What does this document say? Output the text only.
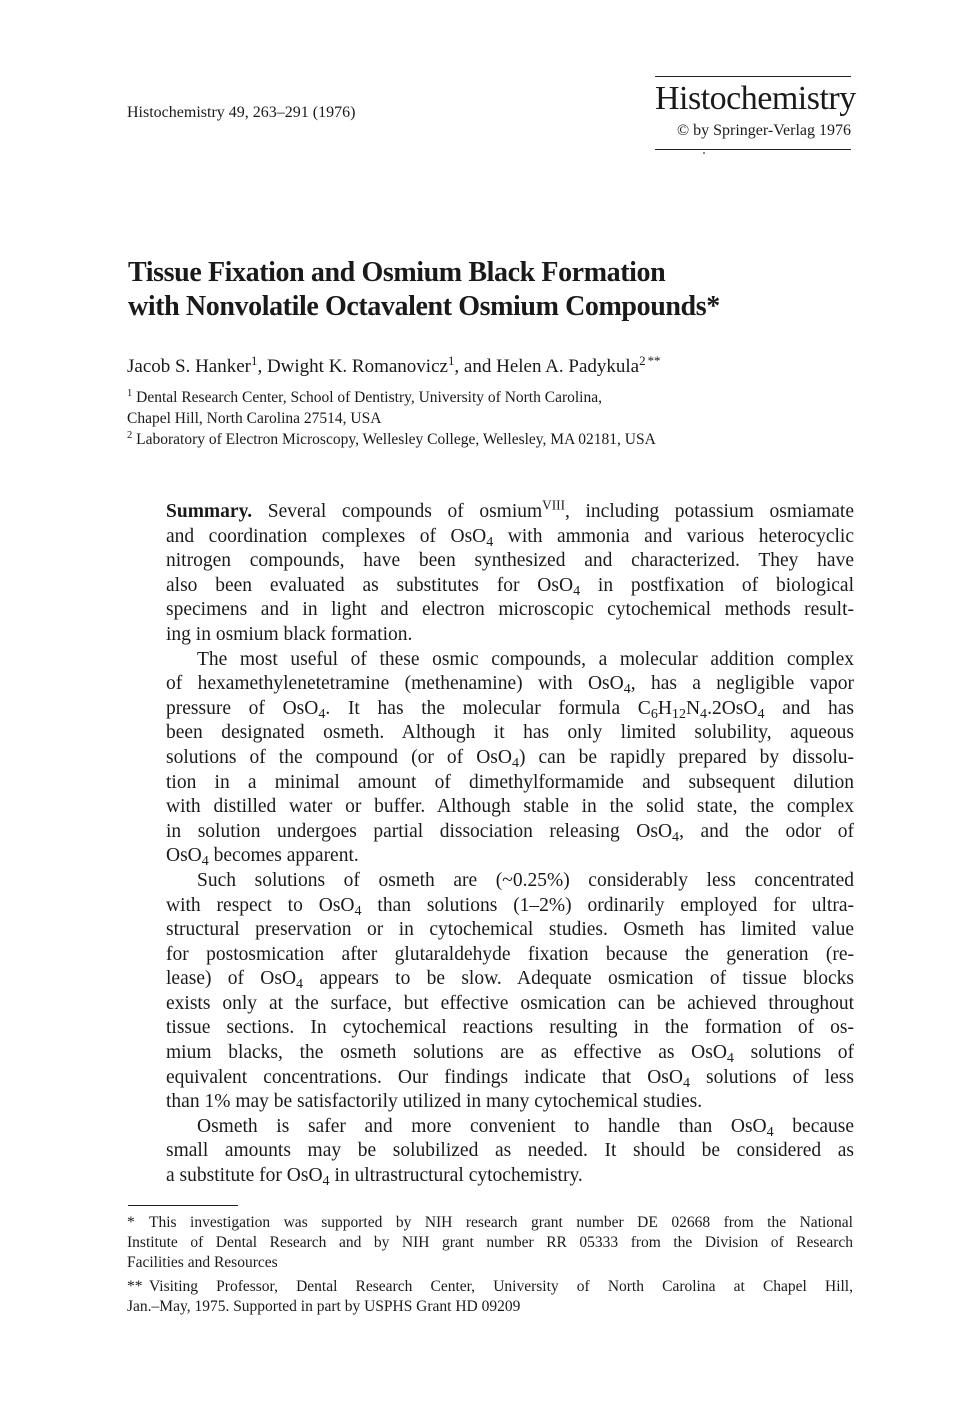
Histochemistry 49, 263–291 (1976)	Histochemistry
© by Springer-Verlag 1976
Tissue Fixation and Osmium Black Formation
with Nonvolatile Octavalent Osmium Compounds*
Jacob S. Hanker$^1$, Dwight K. Romanovicz$^1$, and Helen A. Padykula$^{2 **}$
$^1$ Dental Research Center, School of Dentistry, University of North Carolina,
Chapel Hill, North Carolina 27514, USA
$^2$ Laboratory of Electron Microscopy, Wellesley College, Wellesley, MA 02181, USA
Summary. Several compounds of osmium$^{VIII}$, including potassium osmiamate
and coordination complexes of OsO$_4$ with ammonia and various heterocyclic
nitrogen compounds, have been synthesized and characterized. They have
also been evaluated as substitutes for OsO$_4$ in postfixation of biological
specimens and in light and electron microscopic cytochemical methods result-
ing in osmium black formation.
The most useful of these osmic compounds, a molecular addition complex
of hexamethylenetetramine (methenamine) with OsO$_4$, has a negligible vapor
pressure of OsO$_4$. It has the molecular formula $C_6H_{12}N_4.2OsO_4$ and has
been designated osmeth. Although it has only limited solubility, aqueous
solutions of the compound (or of OsO$_4$) can be rapidly prepared by dissolu-
tion in a minimal amount of dimethylformamide and subsequent dilution
with distilled water or buffer. Although stable in the solid state, the complex
in solution undergoes partial dissociation releasing OsO$_4$, and the odor of
OsO$_4$ becomes apparent.
Such solutions of osmeth are (~0.25%) considerably less concentrated
with respect to OsO$_4$ than solutions (1–2%) ordinarily employed for ultra-
structural preservation or in cytochemical studies. Osmeth has limited value
for postosmication after glutaraldehyde fixation because the generation (re-
lease) of OsO$_4$ appears to be slow. Adequate osmication of tissue blocks
exists only at the surface, but effective osmication can be achieved throughout
tissue sections. In cytochemical reactions resulting in the formation of os-
mium blacks, the osmeth solutions are as effective as OsO$_4$ solutions of
equivalent concentrations. Our findings indicate that OsO$_4$ solutions of less
than 1% may be satisfactorily utilized in many cytochemical studies.
Osmeth is safer and more convenient to handle than OsO$_4$ because
small amounts may be solubilized as needed. It should be considered as
a substitute for OsO$_4$ in ultrastructural cytochemistry.
* This investigation was supported by NIH research grant number DE 02668 from the National
Institute of Dental Research and by NIH grant number RR 05333 from the Division of Research
Facilities and Resources
** Visiting Professor, Dental Research Center, University of North Carolina at Chapel Hill,
Jan.–May, 1975. Supported in part by USPHS Grant HD 09209
